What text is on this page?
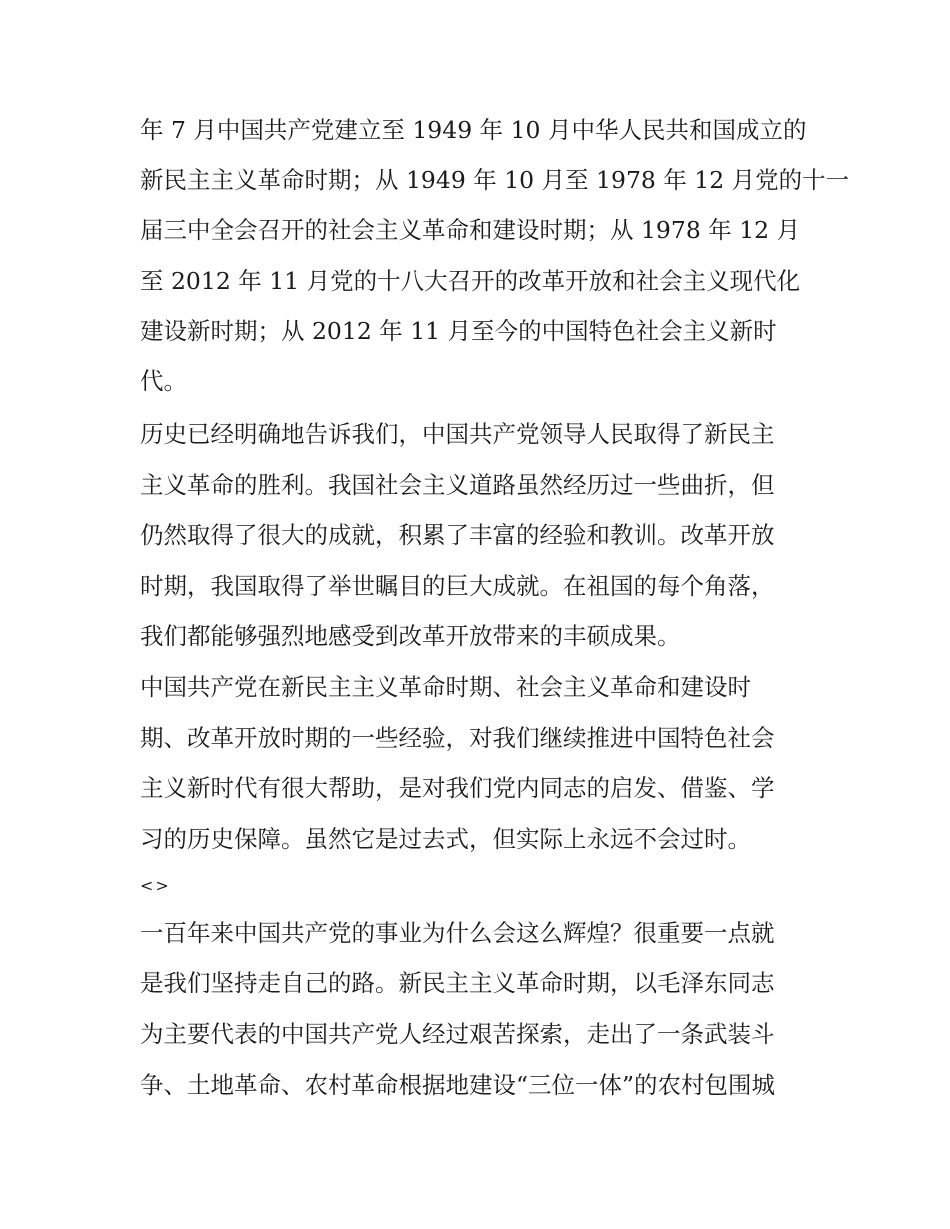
年 7 月中国共产党建立至 1949 年 10 月中华人民共和国成立的
新民主主义革命时期；从 1949 年 10 月至 1978 年 12 月党的十一
届三中全会召开的社会主义革命和建设时期；从 1978 年 12 月
至 2012 年 11 月党的十八大召开的改革开放和社会主义现代化
建设新时期；从 2012 年 11 月至今的中国特色社会主义新时
代。
历史已经明确地告诉我们，中国共产党领导人民取得了新民主
主义革命的胜利。我国社会主义道路虽然经历过一些曲折，但
仍然取得了很大的成就，积累了丰富的经验和教训。改革开放
时期，我国取得了举世瞩目的巨大成就。在祖国的每个角落，
我们都能够强烈地感受到改革开放带来的丰硕成果。
中国共产党在新民主主义革命时期、社会主义革命和建设时
期、改革开放时期的一些经验，对我们继续推进中国特色社会
主义新时代有很大帮助，是对我们党内同志的启发、借鉴、学
习的历史保障。虽然它是过去式，但实际上永远不会过时。
<>
一百年来中国共产党的事业为什么会这么辉煌？很重要一点就
是我们坚持走自己的路。新民主主义革命时期，以毛泽东同志
为主要代表的中国共产党人经过艰苦探索，走出了一条武装斗
争、土地革命、农村革命根据地建设“三位一体”的农村包围城
